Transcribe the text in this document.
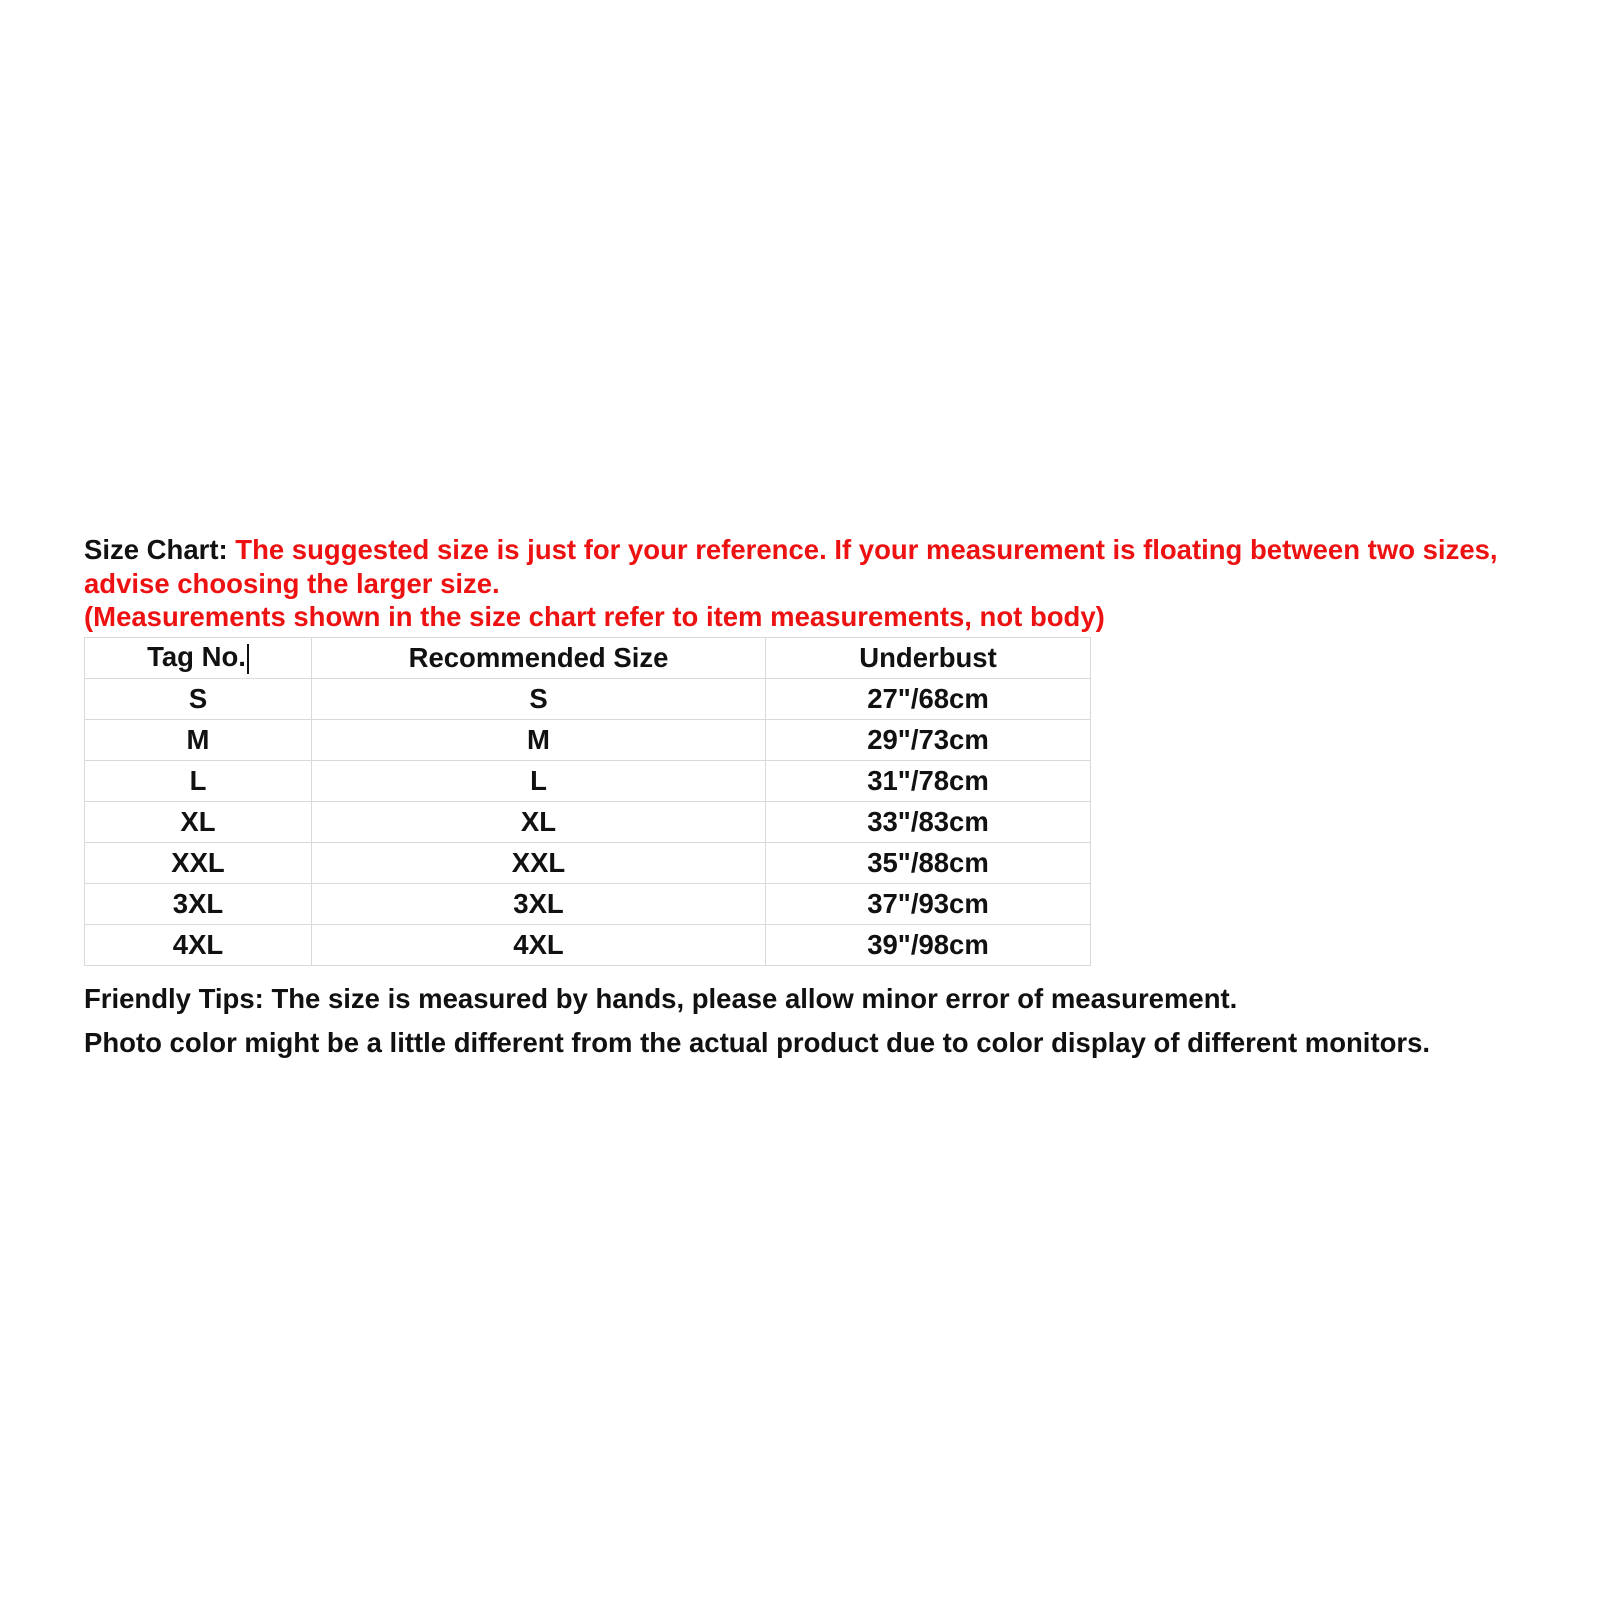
Size Chart: The suggested size is just for your reference. If your measurement is floating between two sizes, advise choosing the larger size.
(Measurements shown in the size chart refer to item measurements, not body)

Tag No.	Recommended Size	Underbust
S	S	27"/68cm
M	M	29"/73cm
L	L	31"/78cm
XL	XL	33"/83cm
XXL	XXL	35"/88cm
3XL	3XL	37"/93cm
4XL	4XL	39"/98cm

Friendly Tips: The size is measured by hands, please allow minor error of measurement.

Photo color might be a little different from the actual product due to color display of different monitors.
